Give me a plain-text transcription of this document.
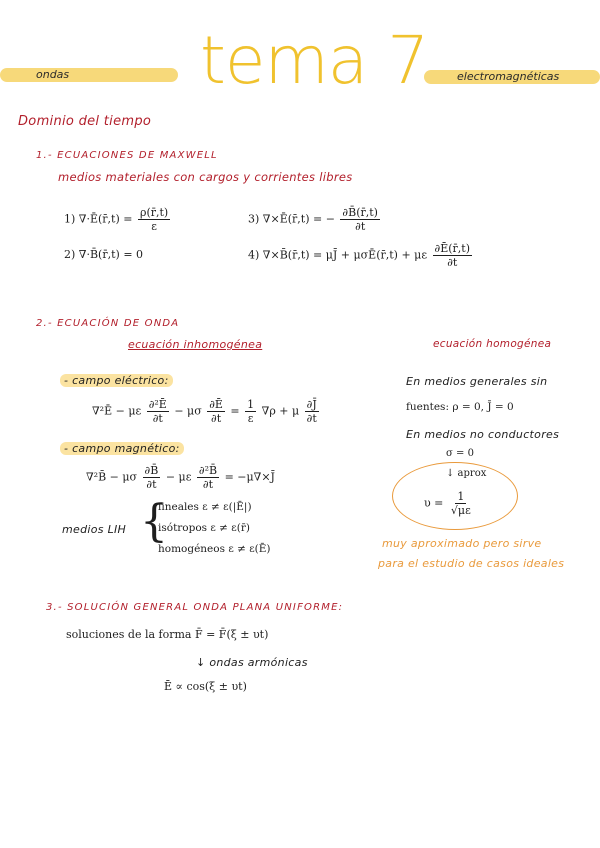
ondas	electromagnéticas
tema 7
Dominio del tiempo
1.- ECUACIONES DE MAXWELL
medios materiales con cargos y corrientes libres
1) ∇·Ē(r̄,t) = $\frac{\rho(r̄,t)}{\varepsilon}$
2) ∇·B̄(r̄,t) = 0
3) ∇×Ē(r̄,t) = − $\frac{\partial B̄(r̄,t)}{\partial t}$
4) ∇×B̄(r̄,t) = μJ̄ + μσĒ(r̄,t) + με $\frac{\partial Ē(r̄,t)}{\partial t}$
2.- ECUACIÓN DE ONDA
ecuación inhomogénea	ecuación homogénea
- campo eléctrico:
∇²Ē − με $\frac{\text{∂²Ē}}{\partial t} - \mu\sigma \frac{\partial Ē}{\partial t} = \frac{1}{\varepsilon} \nabla\rho + \mu \frac{\partial J̄}{\partial t}$
- campo magnético:
∇²B̄ − μσ $\frac{\partial B̄}{\partial t} - \mu\varepsilon \frac{\text{∂²B̄}}{\partial t}$ = −μ∇×J̄
medios LIH {
lineales ε ≠ ε(|Ē|)
isótropos ε ≠ ε(r̄)
homogéneos ε ≠ ε(Ē)
En medios generales sin
fuentes: ρ = 0, J̄ = 0
En medios no conductores
σ = 0
↓ aprox
$\upsilon = \frac{1}{√\mu\varepsilon}$
muy aproximado pero sirve
para el estudio de casos ideales
3.- SOLUCIÓN GENERAL ONDA PLANA UNIFORME:
soluciones de la forma F̄ = F̄(ξ ± υt)
↓ ondas armónicas
Ē ∝ cos(ξ ± υt)
